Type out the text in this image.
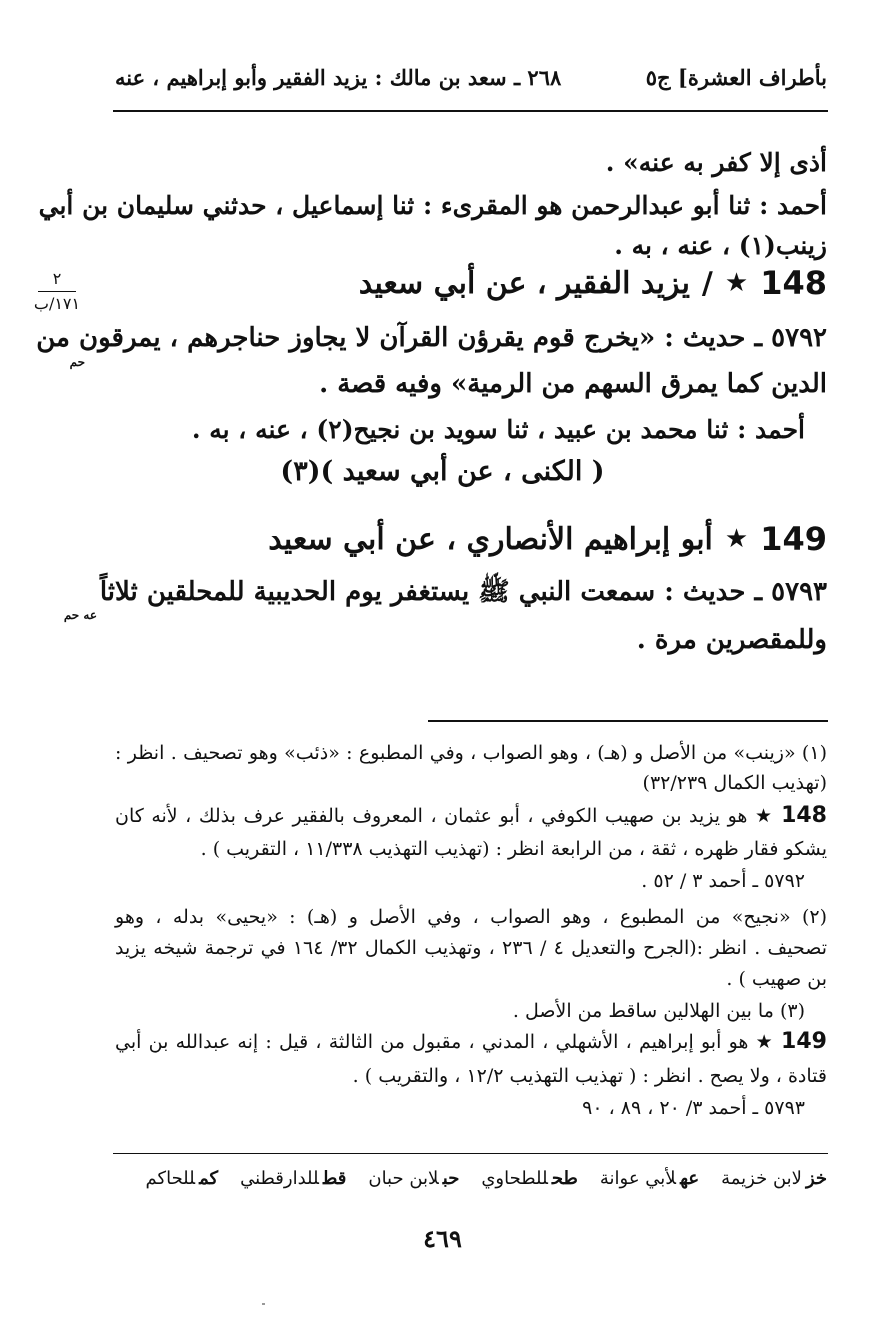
٢٦٨ ـ سعد بن مالك : يزيد الفقير وأبو إبراهيم ، عنه	بأطراف العشرة] ج٥
٢
١٧١/ب
أذى إلا كفر به عنه» .
أحمد : ثنا أبو عبدالرحمن هو المقرىء : ثنا إسماعيل ، حدثني سليمان بن أبي
زينب(١) ، عنه ، به .
148
★
/
يزيد الفقير ، عن أبي سعيد
٥٧٩٢ ـ حديث : «يخرج قوم يقرؤن القرآن لا يجاوز حناجرهم ، يمرقون من
حم
الدين كما يمرق السهم من الرمية» وفيه قصة .
أحمد : ثنا محمد بن عبيد ، ثنا سويد بن نجيح(٢) ، عنه ، به .
( الكنى ، عن أبي سعيد )(٣)
149
★
أبو إبراهيم الأنصاري ، عن أبي سعيد
٥٧٩٣ ـ حديث : سمعت النبي ﷺ يستغفر يوم الحديبية للمحلقين ثلاثاً
عه حم
وللمقصرين مرة .
(١) «زينب» من الأصل و (هـ) ، وهو الصواب ، وفي المطبوع : «ذئب» وهو تصحيف . انظر :
(تهذيب الكمال ٣٢/٢٣٩)
148 ★ هو يزيد بن صهيب الكوفي ، أبو عثمان ، المعروف بالفقير عرف بذلك ، لأنه كان
يشكو فقار ظهره ، ثقة ، من الرابعة انظر : (تهذيب التهذيب ١١/٣٣٨ ، التقريب ) .
٥٧٩٢ ـ أحمد ٣ / ٥٢ .
(٢) «نجيح» من المطبوع ، وهو الصواب ، وفي الأصل و (هـ) : «يحيى» بدله ، وهو
تصحيف . انظر :(الجرح والتعديل ٤ / ٢٣٦ ، وتهذيب الكمال ٣٢/ ١٦٤ في ترجمة شيخه يزيد
بن صهيب ) .
(٣) ما بين الهلالين ساقط من الأصل .
149 ★ هو أبو إبراهيم ، الأشهلي ، المدني ، مقبول من الثالثة ، قيل : إنه عبدالله بن أبي
قتادة ، ولا يصح . انظر : ( تهذيب التهذيب ١٢/٢ ، والتقريب ) .
٥٧٩٣ ـ أحمد ٣/ ٢٠ ، ٨٩ ، ٩٠
خزلابن خزيمة
عهلأبي عوانة
طحللطحاوي
حبلابن حبان
قطللدارقطني
كمللحاكم
٤٦٩
